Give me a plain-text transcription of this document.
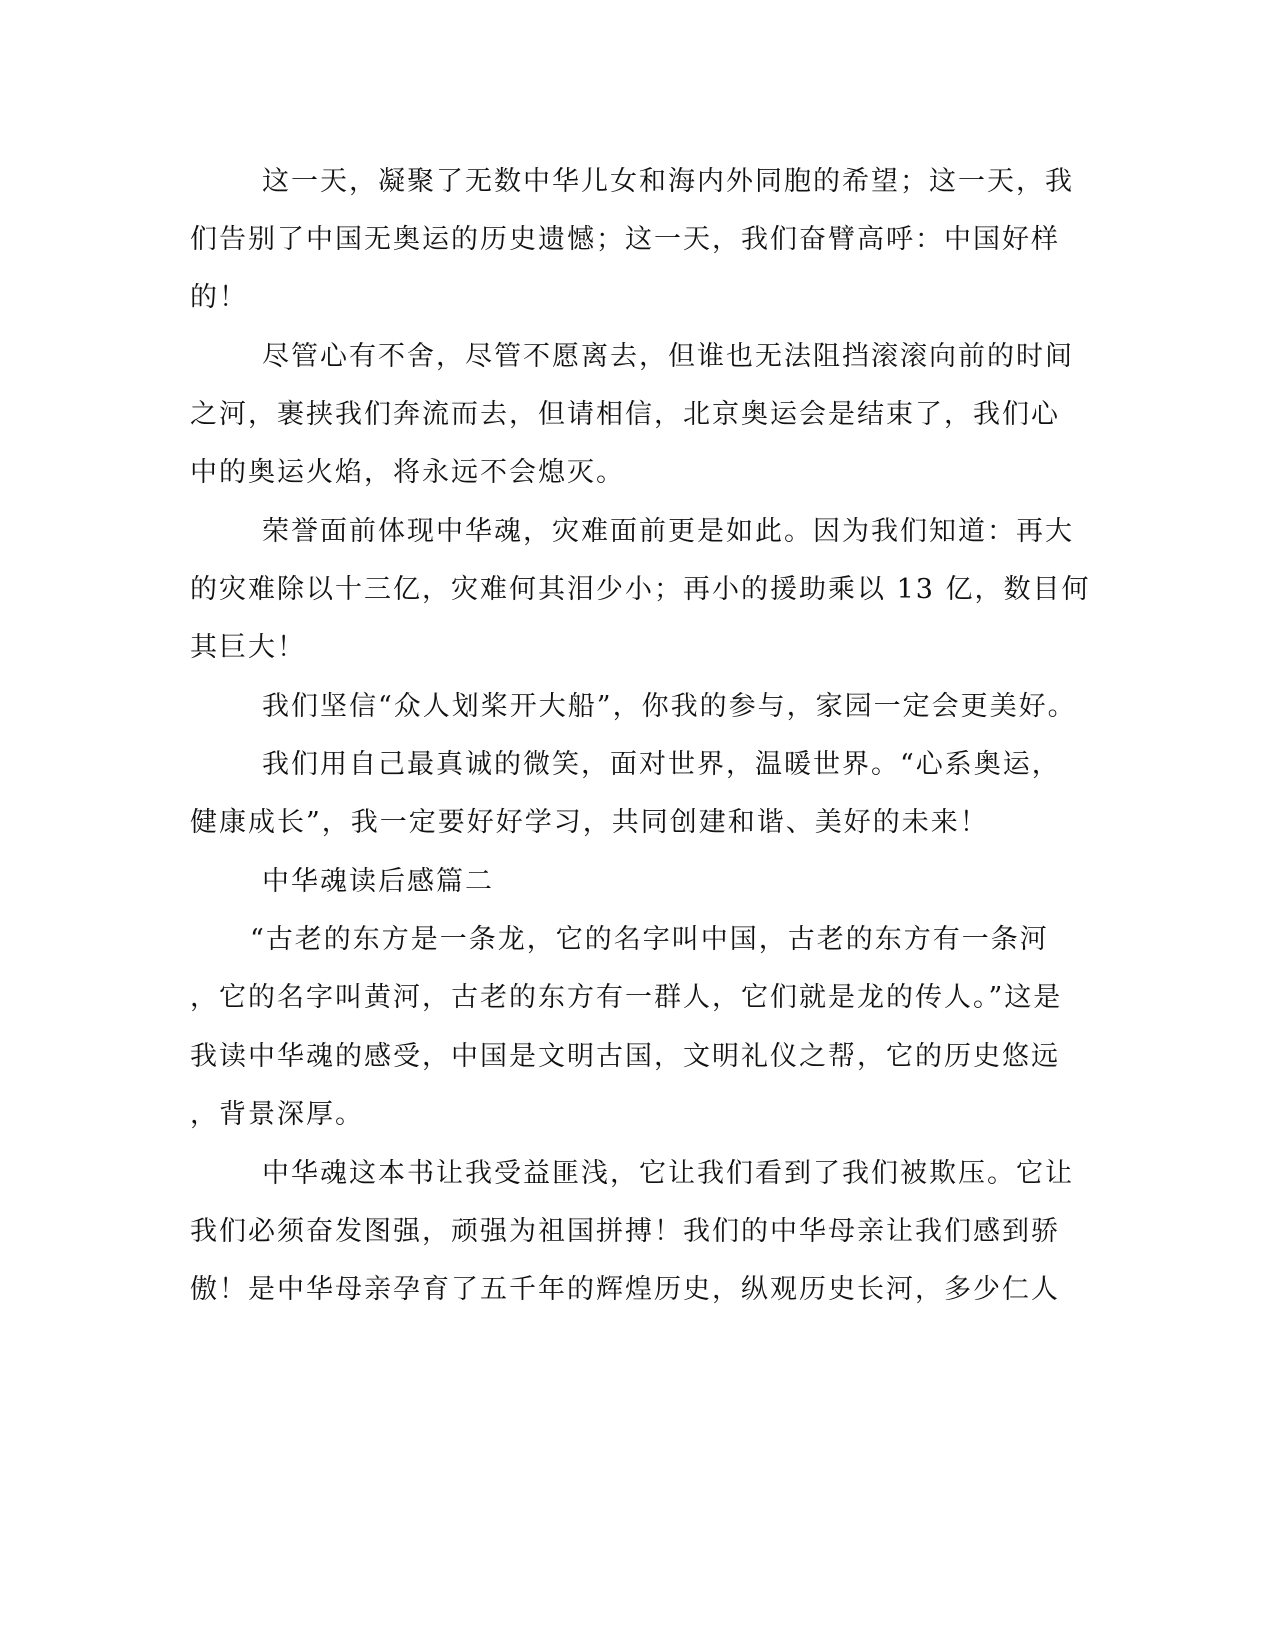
这一天，凝聚了无数中华儿女和海内外同胞的希望；这一天，我
们告别了中国无奥运的历史遗憾；这一天，我们奋臂高呼：中国好样
的！
尽管心有不舍，尽管不愿离去，但谁也无法阻挡滚滚向前的时间
之河，裹挟我们奔流而去，但请相信，北京奥运会是结束了，我们心
中的奥运火焰，将永远不会熄灭。
荣誉面前体现中华魂，灾难面前更是如此。因为我们知道：再大
的灾难除以十三亿，灾难何其泪少小；再小的援助乘以 13 亿，数目何
其巨大！
我们坚信“众人划桨开大船”，你我的参与，家园一定会更美好。
我们用自己最真诚的微笑，面对世界，温暖世界。“心系奥运，
健康成长”，我一定要好好学习，共同创建和谐、美好的未来！
中华魂读后感篇二
“古老的东方是一条龙，它的名字叫中国，古老的东方有一条河
，它的名字叫黄河，古老的东方有一群人，它们就是龙的传人。”这是
我读中华魂的感受，中国是文明古国，文明礼仪之帮，它的历史悠远
，背景深厚。
中华魂这本书让我受益匪浅，它让我们看到了我们被欺压。它让
我们必须奋发图强，顽强为祖国拼搏！我们的中华母亲让我们感到骄
傲！是中华母亲孕育了五千年的辉煌历史，纵观历史长河，多少仁人
